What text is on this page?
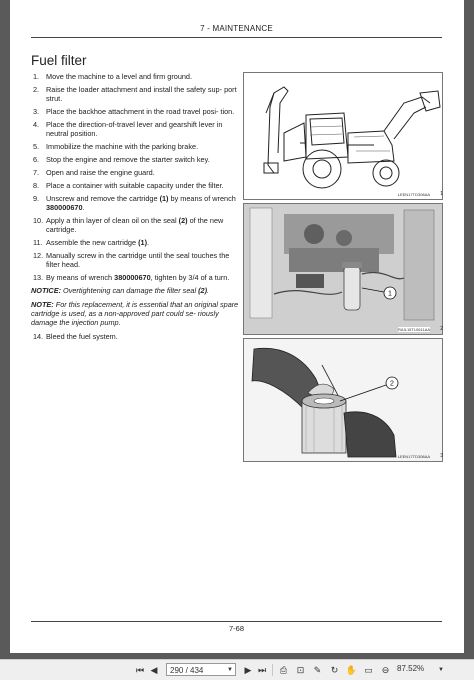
7 - MAINTENANCE
Fuel filter
1. Move the machine to a level and firm ground.
2. Raise the loader attachment and install the safety sup- port strut.
3. Place the backhoe attachment in the road travel posi- tion.
4. Place the direction-of-travel lever and gearshift lever in neutral position.
5. Immobilize the machine with the parking brake.
6. Stop the engine and remove the starter switch key.
7. Open and raise the engine guard.
8. Place a container with suitable capacity under the filter.
9. Unscrew and remove the cartridge (1) by means of wrench 380000670.
10. Apply a thin layer of clean oil on the seal (2) of the new cartridge.
11. Assemble the new cartridge (1).
12. Manually screw in the cartridge until the seal touches the filter head.
13. By means of wrench 380000670, tighten by 3/4 of a turn.
NOTICE: Overtightening can damage the filter seal (2).
NOTE: For this replacement, it is essential that an original spare cartridge is used, as a non-approved part could se- riously damage the injection pump.
14. Bleed the fuel system.
LEEN17TD308AA 1
1
RAIL15TL0611AA 2
2
LEEN17TD308AA 3
7-68
⏮ ◀	290 / 434	▼ ▶ ⏭	⎙	⊡	✎	↻ ✋ ▭ ⊖ 87.52%	▼
